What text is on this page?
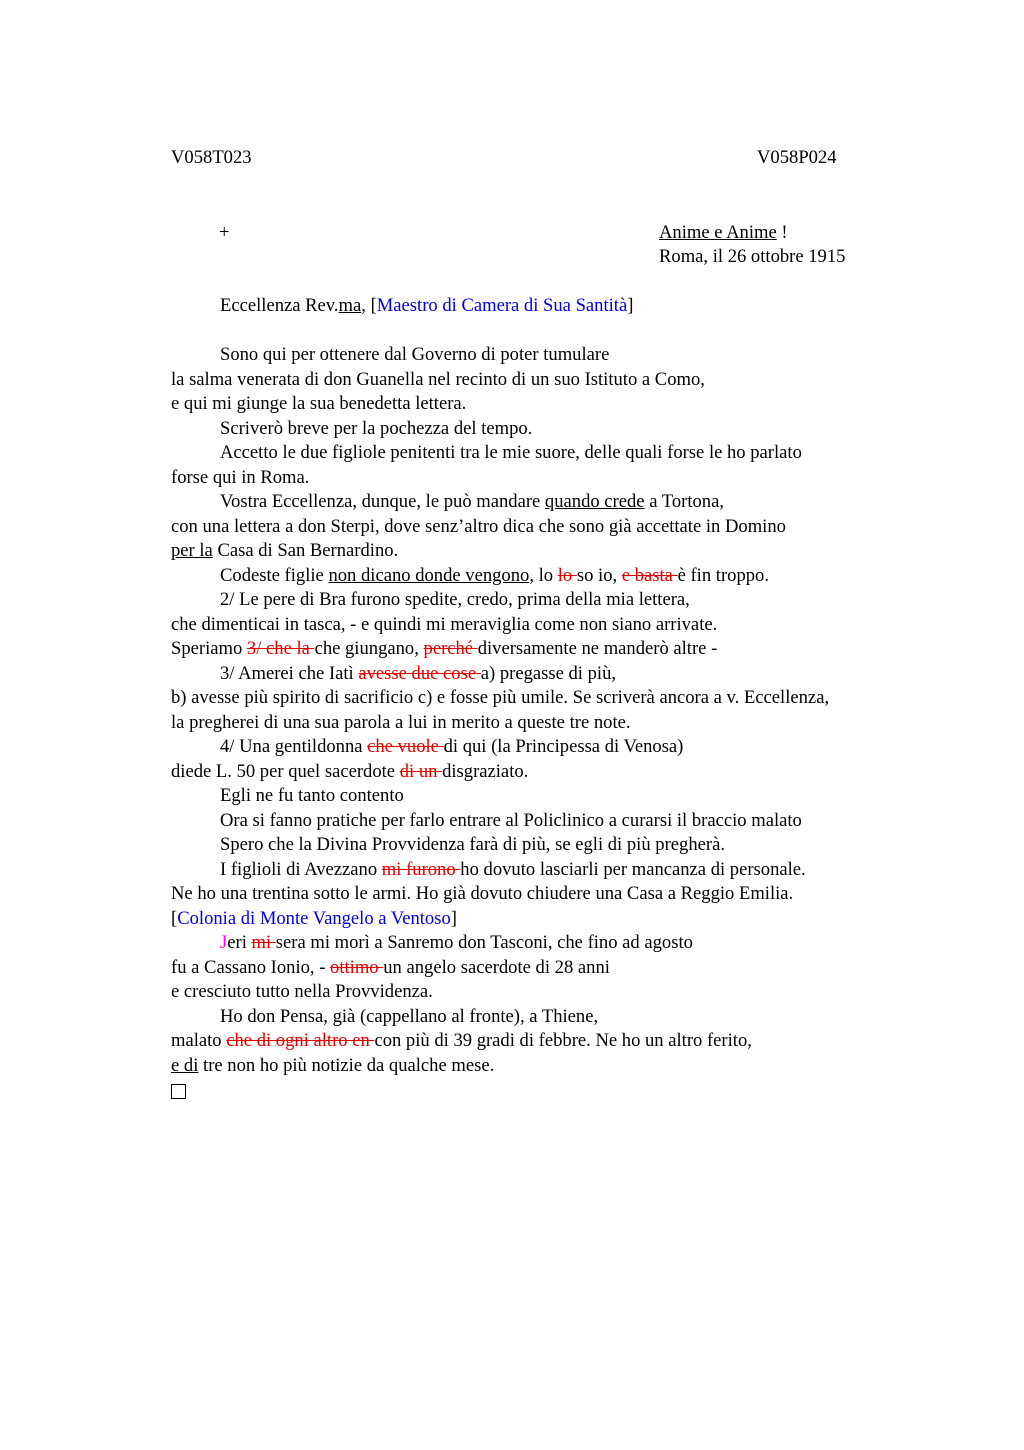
V058T023	V058P024
+	Anime e Anime !
Roma, il 26 ottobre 1915
Eccellenza Rev.ma, [Maestro di Camera di Sua Santità]
Sono qui per ottenere dal Governo di poter tumulare
la salma venerata di don Guanella nel recinto di un suo Istituto a Como,
e qui mi giunge la sua benedetta lettera.
Scriverò breve per la pochezza del tempo.
Accetto le due figliole penitenti tra le mie suore, delle quali forse le ho parlato
forse qui in Roma.
Vostra Eccellenza, dunque, le può mandare quando crede a Tortona,
con una lettera a don Sterpi, dove senz’altro dica che sono già accettate in Domino
per la Casa di San Bernardino.
Codeste figlie non dicano donde vengono, lo lo so io, e basta è fin troppo.
2/ Le pere di Bra furono spedite, credo, prima della mia lettera,
che dimenticai in tasca, - e quindi mi meraviglia come non siano arrivate.
Speriamo 3/ che la che giungano, perché diversamente ne manderò altre -
3/ Amerei che Iatì avesse due cose a) pregasse di più,
b) avesse più spirito di sacrificio c) e fosse più umile. Se scriverà ancora a v. Eccellenza,
la pregherei di una sua parola a lui in merito a queste tre note.
4/ Una gentildonna che vuole di qui (la Principessa di Venosa)
diede L. 50 per quel sacerdote di un disgraziato.
Egli ne fu tanto contento
Ora si fanno pratiche per farlo entrare al Policlinico a curarsi il braccio malato
Spero che la Divina Provvidenza farà di più, se egli di più pregherà.
I figlioli di Avezzano mi furono ho dovuto lasciarli per mancanza di personale.
Ne ho una trentina sotto le armi. Ho già dovuto chiudere una Casa a Reggio Emilia.
[Colonia di Monte Vangelo a Ventoso]
Jeri mi sera mi morì a Sanremo don Tasconi, che fino ad agosto
fu a Cassano Ionio, - ottimo un angelo sacerdote di 28 anni
e cresciuto tutto nella Provvidenza.
Ho don Pensa, già (cappellano al fronte), a Thiene,
malato che di ogni altro en con più di 39 gradi di febbre. Ne ho un altro ferito,
e di tre non ho più notizie da qualche mese.
